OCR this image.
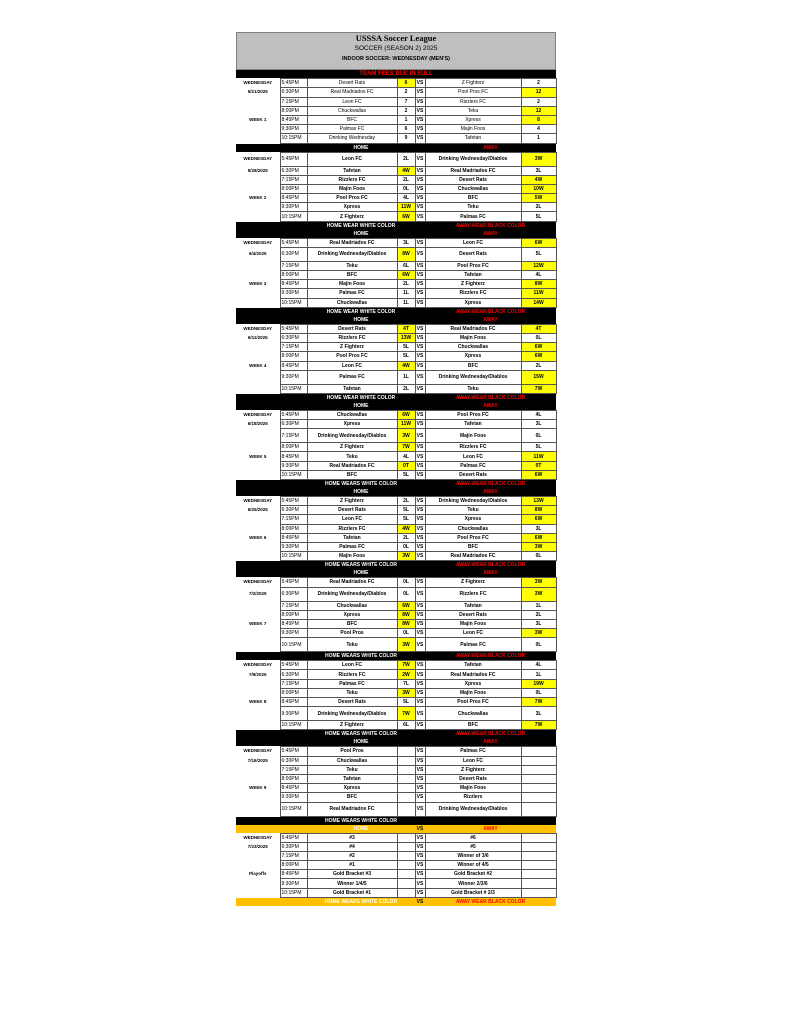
USSSA Soccer League
SOCCER (SEASON 2) 2025
INDOOR SOCCER: WEDNESDAY (MEN'S)
TEAM FEES DUE IN FULL						
WEDNESDAY	5:45PM	Desert Rats	6	VS	Z Fighterz	2
5/21/2025	6:30PM	Real Madriados FC	2	VS	Pool Pros FC	12
	7:15PM	Leon FC	7	VS	Rizzlers FC	2
	8:00PM	Chuckwallas	2	VS	Teku	12
WEEK 1	8:45PM	BFC	1	VS	Xpress	8
	9:30PM	Palmas FC	6	VS	Majin Foos	4
	10:15PM	Drinking Wednesday	9	VS	Tafetan	1
		HOME			AWAY	
WEDNESDAY	5:45PM	Leon FC	2L	VS	Drinking Wednesday/Diablos	3W
5/28/2025	6:30PM	Tafetan	4W	VS	Real Madriados FC	3L
	7:15PM	Rizzlers FC	2L	VS	Desert Rats	4W
	8:00PM	Majin Foos	0L	VS	Chuckwallas	10W
WEEK 2	8:45PM	Pool Pros FC	4L	VS	BFC	5W
	9:30PM	Xpress	11W	VS	Teku	2L
	10:15PM	Z Fighterz	6W	VS	Palmas FC	5L
		HOME WEAR WHITE COLOR			AWAY WEAR BLACK COLOR	
		HOME			AWAY	
WEDNESDAY	5:45PM	Real Madriados FC	3L	VS	Leon FC	6W
6/4/2025	6:30PM	Drinking Wednesday/Diablos	8W	VS	Desert Rats	5L
	7:15PM	Teku	6L	VS	Pool Pros FC	12W
	8:00PM	BFC	6W	VS	Tafetan	4L
WEEK 3	8:45PM	Majin Foos	2L	VS	Z Fighterz	8W
	9:30PM	Palmas FC	1L	VS	Rizzlers FC	11W
	10:15PM	Chuckwallas	1L	VS	Xpress	14W
		HOME WEAR WHITE COLOR			AWAY WEAR BLACK COLOR	
		HOME			AWAY	
WEDNESDAY	5:45PM	Desert Rats	4T	VS	Real Madriados FC	4T
6/11/2025	6:30PM	Rizzlers FC	13W	VS	Majin Foos	0L
	7:15PM	Z Fighterz	5L	VS	Chuckwallas	6W
	8:00PM	Pool Pros FC	5L	VS	Xpress	6W
WEEK 4	8:45PM	Leon FC	4W	VS	BFC	2L
	9:30PM	Palmas FC	1L	VS	Drinking Wednesday/Diablos	15W
	10:15PM	Tafetan	2L	VS	Teku	7W
		HOME WEAR WHITE COLOR			AWAY WEAR BLACK COLOR	
		HOME			AWAY	
WEDNESDAY	5:45PM	Chuckwallas	6W	VS	Pool Pros FC	4L
6/18/2025	6:30PM	Xpress	11W	VS	Tafetan	3L
	7:15PM	Drinking Wednesday/Diablos	3W	VS	Majin Foos	0L
	8:00PM	Z Fighterz	7W	VS	Rizzlers FC	5L
WEEK 5	8:45PM	Teku	4L	VS	Leon FC	11W
	9:30PM	Real Madriados FC	0T	VS	Palmas FC	0T
	10:15PM	BFC	5L	VS	Desert Rats	6W
		HOME WEARS WHITE COLOR			AWAY WEAR BLACK COLOR	
		HOME			AWAY	
WEDNESDAY	5:45PM	Z Fighterz	2L	VS	Drinking Wednesday/Diablos	13W
6/25/2025	6:30PM	Desert Rats	5L	VS	Teku	8W
	7:15PM	Leon FC	5L	VS	Xpress	6W
	8:00PM	Rizzlers FC	4W	VS	Chuckwallas	3L
WEEK 6	8:45PM	Tafetan	2L	VS	Pool Pros FC	6W
	9:30PM	Palmas FC	0L	VS	BFC	3W
	10:15PM	Majin Foos	3W	VS	Real Madriados FC	0L
		HOME WEARS WHITE COLOR			AWAY WEAR BLACK COLOR	
		HOME			AWAY	
WEDNESDAY	5:45PM	Real Madriados FC	0L	VS	Z Fighterz	3W
7/2/2025	6:30PM	Drinking Wednesday/Diablos	0L	VS	Rizzlers FC	3W
	7:15PM	Chuckwallas	6W	VS	Tafetan	1L
	8:00PM	Xpress	8W	VS	Desert Rats	2L
WEEK 7	8:45PM	BFC	8W	VS	Majin Foos	3L
	9:30PM	Pool Pros	0L	VS	Leon FC	3W
	10:15PM	Teku	3W	VS	Palmas FC	0L
		HOME WEARS WHITE COLOR			AWAY WEAR BLACK COLOR	
WEDNESDAY	5:45PM	Leon FC	7W	VS	Tafetan	4L
7/9/2025	6:30PM	Rizzlers FC	2W	VS	Real Madriados FC	1L
	7:15PM	Palmas FC	7L	VS	Xpress	19W
	8:00PM	Teku	3W	VS	Majin Foos	0L
WEEK 8	8:45PM	Desert Rats	5L	VS	Pool Pros FC	7W
	9:30PM	Drinking Wednesday/Diablos	7W	VS	Chuckwallas	3L
	10:15PM	Z Fighterz	6L	VS	BFC	7W
		HOME WEARS WHITE COLOR			AWAY WEAR BLACK COLOR	
		HOME			AWAY	
WEDNESDAY	5:45PM	Pool Pros		VS	Palmas FC	
7/16/2025	6:30PM	Chuckwallas		VS	Leon FC	
	7:15PM	Teku		VS	Z Fighterz	
	8:00PM	Tafetan		VS	Desert Rats	
WEEK 9	8:45PM	Xpress		VS	Majin Foos	
	9:30PM	BFC		VS	Rizzlers	
	10:15PM	Real Madriados FC		VS	Drinking Wednesday/Diablos	
		HOME WEARS WHITE COLOR				
		HOME		VS	AWAY	
WEDNESDAY	5:45PM	#3		VS	#6	
7/23/2025	6:30PM	#4		VS	#5	
	7:15PM	#2		VS	Winner of 3/6	
	8:00PM	#1		VS	Winner of 4/5	
Playoffs	8:45PM	Gold Bracket #3		VS	Gold Bracket #2	
	9:30PM	Winner 1/4/5		VS	Winner 2/3/6	
	10:15PM	Gold Bracket #1		VS	Gold Bracket # 2/3	
		HOME WEARS WHITE COLOR		VS	AWAY WEAR BLACK COLOR	
